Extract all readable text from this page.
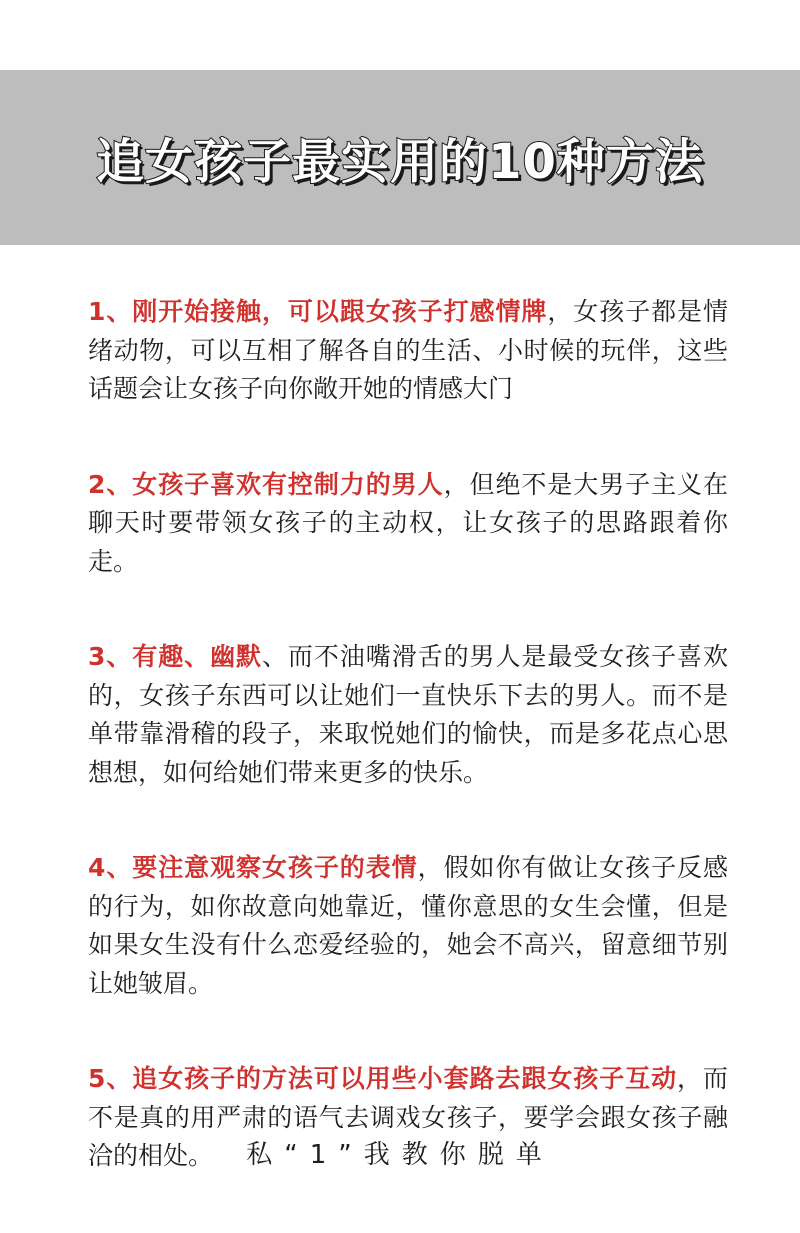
追女孩子最实用的10种方法

1、刚开始接触，可以跟女孩子打感情牌，女孩子都是情绪动物，可以互相了解各自的生活、小时候的玩伴，这些话题会让女孩子向你敞开她的情感大门

2、女孩子喜欢有控制力的男人，但绝不是大男子主义在聊天时要带领女孩子的主动权，让女孩子的思路跟着你走。

3、有趣、幽默、而不油嘴滑舌的男人是最受女孩子喜欢的，女孩子东西可以让她们一直快乐下去的男人。而不是单带靠滑稽的段子，来取悦她们的愉快，而是多花点心思想想，如何给她们带来更多的快乐。

4、要注意观察女孩子的表情，假如你有做让女孩子反感的行为，如你故意向她靠近，懂你意思的女生会懂，但是如果女生没有什么恋爱经验的，她会不高兴，留意细节别让她皱眉。

5、追女孩子的方法可以用些小套路去跟女孩子互动，而不是真的用严肃的语气去调戏女孩子，要学会跟女孩子融洽的相处。	私“1”我教你脱单
